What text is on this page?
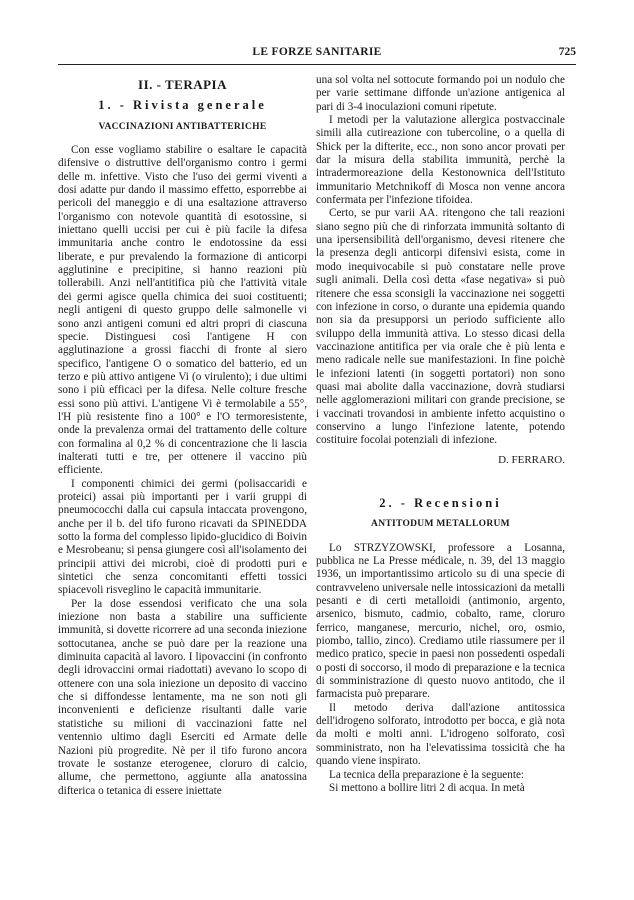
LE FORZE SANITARIE	725
II. - TERAPIA
1. - Rivista generale
VACCINAZIONI ANTIBATTERICHE

Con esse vogliamo stabilire o esaltare le capacità difensive o distruttive dell'organismo contro i germi delle m. infettive. Visto che l'uso dei germi viventi a dosi adatte pur dando il massimo effetto, esporrebbe ai pericoli del maneggio e di una esaltazione attraverso l'organismo con notevole quantità di esotossine, si iniettano quelli uccisi per cui è più facile la difesa immunitaria anche contro le endotossine da essi liberate, e pur prevalendo la formazione di anticorpi agglutinine e precipitine, si hanno reazioni più tollerabili. Anzi nell'antitifica più che l'attività vitale dei germi agisce quella chimica dei suoi costituenti; negli antigeni di questo gruppo delle salmonelle vi sono anzi antigeni comuni ed altri propri di ciascuna specie. Distinguesi così l'antigene H con agglutinazione a grossi fiacchi di fronte al siero specifico, l'antigene O o somatico del batterio, ed un terzo e più attivo antigene Vi (o virulento); i due ultimi sono i più efficaci per la difesa. Nelle colture fresche essi sono più attivi. L'antigene Vi è termolabile a 55°, l'H più resistente fino a 100° e l'O termoresistente, onde la prevalenza ormai del trattamento delle colture con formalina al 0,2 % di concentrazione che li lascia inalterati tutti e tre, per ottenere il vaccino più efficiente.

I componenti chimici dei germi (polisaccaridi e proteici) assai più importanti per i varii gruppi di pneumococchi dalla cui capsula intaccata provengono, anche per il b. del tifo furono ricavati da SPINEDDA sotto la forma del complesso lipido-glucidico di Boivin e Mesrobeanu; si pensa giungere così all'isolamento dei principii attivi dei microbi, cioè di prodotti puri e sintetici che senza concomitanti effetti tossici spiacevoli risveglino le capacità immunitarie.

Per la dose essendosi verificato che una sola iniezione non basta a stabilire una sufficiente immunità, si dovette ricorrere ad una seconda iniezione sottocutanea, anche se può dare per la reazione una diminuita capacità al lavoro. I lipovaccini (in confronto degli idrovaccini ormai riadottati) avevano lo scopo di ottenere con una sola iniezione un deposito di vaccino che si diffondesse lentamente, ma ne son noti gli inconvenienti e deficienze risultanti dalle varie statistiche su milioni di vaccinazioni fatte nel ventennio ultimo dagli Eserciti ed Armate delle Nazioni più progredite. Nè per il tifo furono ancora trovate le sostanze eterogenee, cloruro di calcio, allume, che permettono, aggiunte alla anatossina difterica o tetanica di essere iniettate

una sol volta nel sottocute formando poi un nodulo che per varie settimane diffonde un'azione antigenica al pari di 3-4 inoculazioni comuni ripetute.

I metodi per la valutazione allergica postvaccinale simili alla cutireazione con tubercoline, o a quella di Shick per la difterite, ecc., non sono ancor provati per dar la misura della stabilita immunità, perchè la intradermoreazione della Kestonownica dell'Istituto immunitario Metchnikoff di Mosca non venne ancora confermata per l'infezione tifoidea.

Certo, se pur varii AA. ritengono che tali reazioni siano segno più che di rinforzata immunità soltanto di una ipersensibilità dell'organismo, devesi ritenere che la presenza degli anticorpi difensivi esista, come in modo inequivocabile si può constatare nelle prove sugli animali. Della così detta «fase negativa» si può ritenere che essa sconsigli la vaccinazione nei soggetti con infezione in corso, o durante una epidemia quando non sia da presupporsi un periodo sufficiente allo sviluppo della immunità attiva. Lo stesso dicasi della vaccinazione antitifica per via orale che è più lenta e meno radicale nelle sue manifestazioni. In fine poichè le infezioni latenti (in soggetti portatori) non sono quasi mai abolite dalla vaccinazione, dovrà studiarsi nelle agglomerazioni militari con grande precisione, se i vaccinati trovandosi in ambiente infetto acquistino o conservino a lungo l'infezione latente, potendo costituire focolai potenziali di infezione.

D. FERRARO.
2. - Recensioni
ANTITODUM METALLORUM

Lo STRZYZOWSKI, professore a Losanna, pubblica ne La Presse médicale, n. 39, del 13 maggio 1936, un importantissimo articolo su di una specie di contravveleno universale nelle intossicazioni da metalli pesanti e di certi metalloidi (antimonio, argento, arsenico, bismuto, cadmio, cobalto, rame, cloruro ferrico, manganese, mercurio, nichel, oro, osmio, piombo, tallio, zinco). Crediamo utile riassumere per il medico pratico, specie in paesi non possedenti ospedali o posti di soccorso, il modo di preparazione e la tecnica di somministrazione di questo nuovo antitodo, che il farmacista può preparare.

Il metodo deriva dall'azione antitossica dell'idrogeno solforato, introdotto per bocca, e già nota da molti e molti anni. L'idrogeno solforato, così somministrato, non ha l'elevatissima tossicità che ha quando viene inspirato.

La tecnica della preparazione è la seguente:

Si mettono a bollire litri 2 di acqua. In metà
